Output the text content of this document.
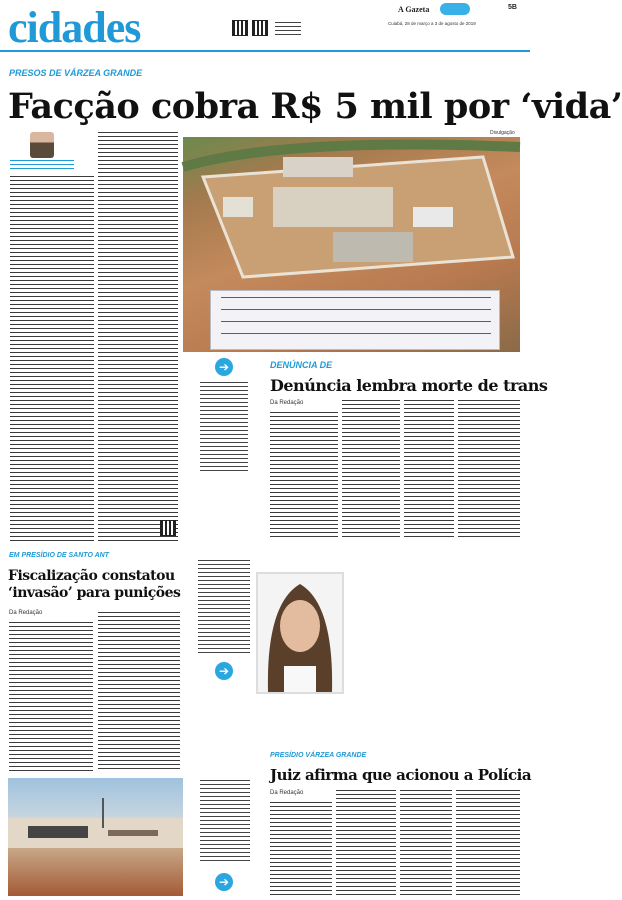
cidades	A Gazeta	5B
Cuiabá, 28 de março a 3 de agosto de 2019
PRESOS DE VÁRZEA GRANDE
Facção cobra R$ 5 mil por ‘vida’
Divulgação
➔	DENÚNCIA DE
Denúncia lembra morte de trans
Da Redação
EM PRESÍDIO DE SANTO ANT
Fiscalização constatou ‘invasão’ para punições
Da Redação
➔
➔
PRESÍDIO VÁRZEA GRANDE
Juiz afirma que acionou a Polícia
Da Redação
